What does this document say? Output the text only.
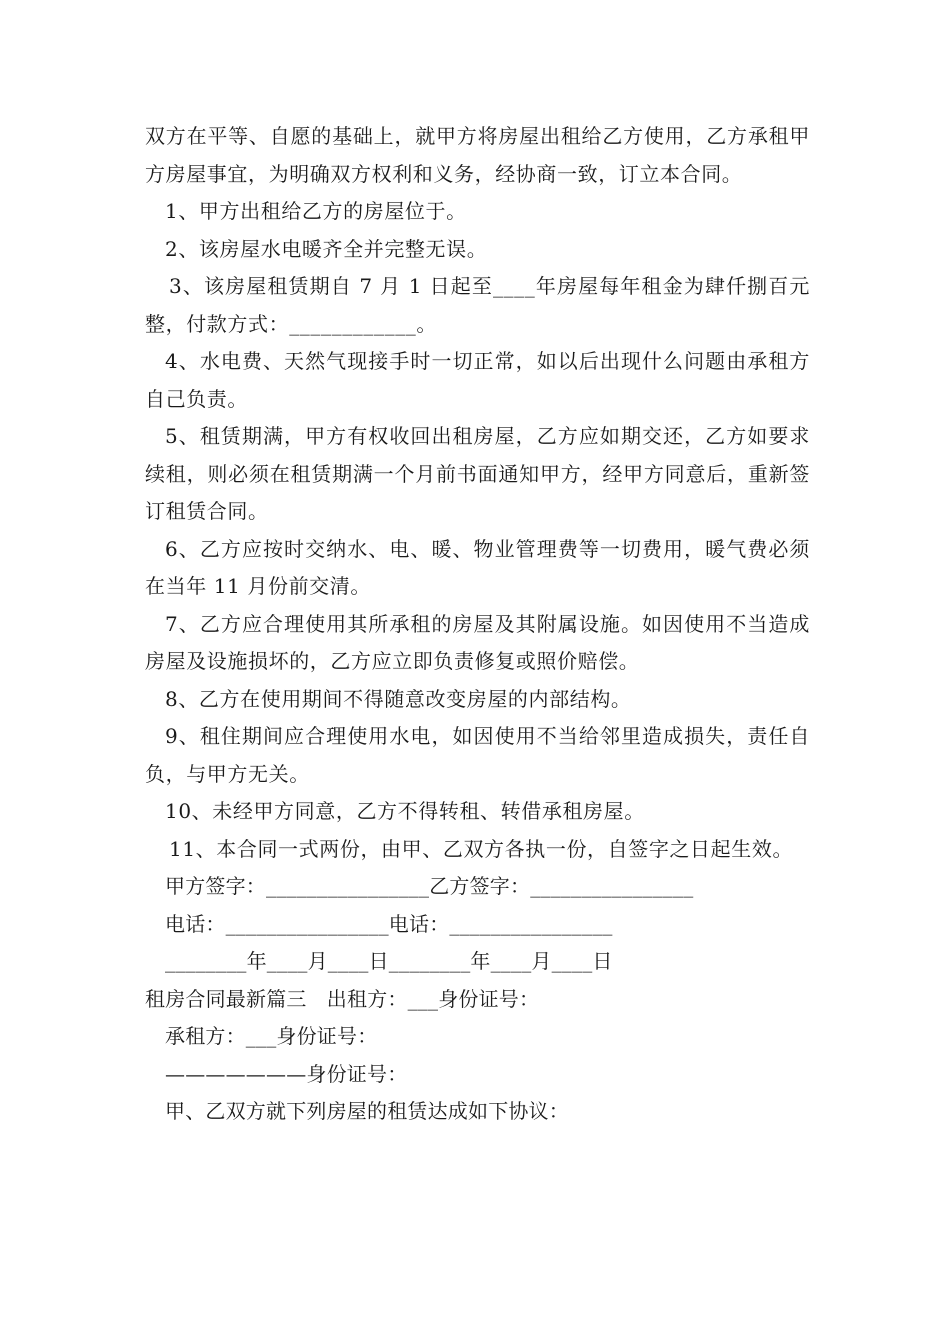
双方在平等、自愿的基础上，就甲方将房屋出租给乙方使用，乙方承租甲方房屋事宜，为明确双方权利和义务，经协商一致，订立本合同。

1、甲方出租给乙方的房屋位于。

2、该房屋水电暖齐全并完整无误。

3、该房屋租赁期自 7 月 1 日起至____年房屋每年租金为肆仟捌百元整，付款方式：____________。

4、水电费、天然气现接手时一切正常，如以后出现什么问题由承租方自己负责。

5、租赁期满，甲方有权收回出租房屋，乙方应如期交还，乙方如要求续租，则必须在租赁期满一个月前书面通知甲方，经甲方同意后，重新签订租赁合同。

6、乙方应按时交纳水、电、暖、物业管理费等一切费用，暖气费必须在当年 11 月份前交清。

7、乙方应合理使用其所承租的房屋及其附属设施。如因使用不当造成房屋及设施损坏的，乙方应立即负责修复或照价赔偿。

8、乙方在使用期间不得随意改变房屋的内部结构。

9、租住期间应合理使用水电，如因使用不当给邻里造成损失，责任自负，与甲方无关。

10、未经甲方同意，乙方不得转租、转借承租房屋。

11、本合同一式两份，由甲、乙双方各执一份，自签字之日起生效。

甲方签字：________________乙方签字：________________

电话：________________电话：________________

________年____月____日________年____月____日

租房合同最新篇三　出租方：___身份证号：

承租方：___身份证号：

———————身份证号：

甲、乙双方就下列房屋的租赁达成如下协议：
